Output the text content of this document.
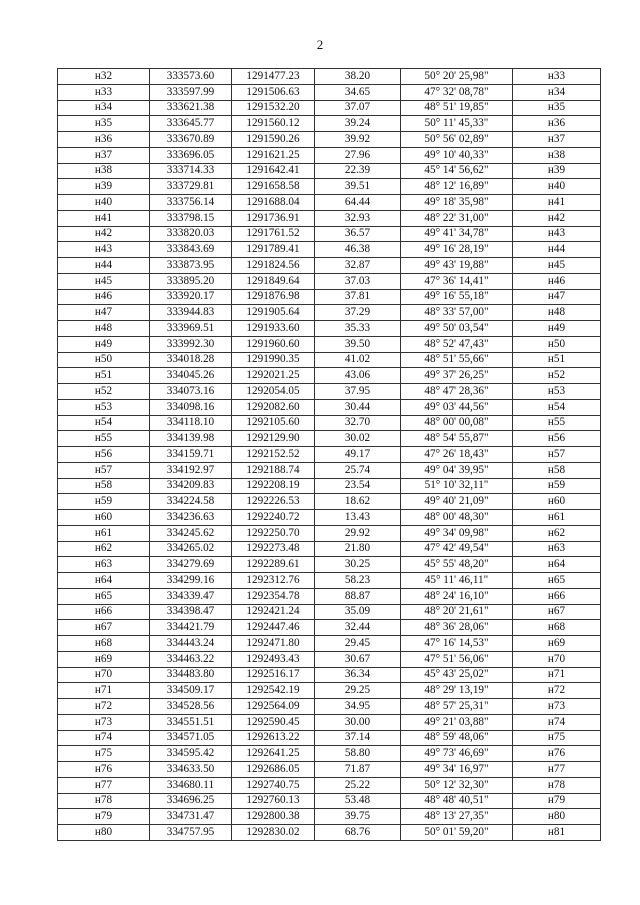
2
н32	333573.60	1291477.23	38.20	50° 20' 25,98"	н33
н33	333597.99	1291506.63	34.65	47° 32' 08,78"	н34
н34	333621.38	1291532.20	37.07	48° 51' 19,85"	н35
н35	333645.77	1291560.12	39.24	50° 11' 45,33"	н36
н36	333670.89	1291590.26	39.92	50° 56' 02,89"	н37
н37	333696.05	1291621.25	27.96	49° 10' 40,33"	н38
н38	333714.33	1291642.41	22.39	45° 14' 56,62"	н39
н39	333729.81	1291658.58	39.51	48° 12' 16,89"	н40
н40	333756.14	1291688.04	64.44	49° 18' 35,98"	н41
н41	333798.15	1291736.91	32.93	48° 22' 31,00"	н42
н42	333820.03	1291761.52	36.57	49° 41' 34,78"	н43
н43	333843.69	1291789.41	46.38	49° 16' 28,19"	н44
н44	333873.95	1291824.56	32.87	49° 43' 19,88"	н45
н45	333895.20	1291849.64	37.03	47° 36' 14,41"	н46
н46	333920.17	1291876.98	37.81	49° 16' 55,18"	н47
н47	333944.83	1291905.64	37.29	48° 33' 57,00"	н48
н48	333969.51	1291933.60	35.33	49° 50' 03,54"	н49
н49	333992.30	1291960.60	39.50	48° 52' 47,43"	н50
н50	334018.28	1291990.35	41.02	48° 51' 55,66"	н51
н51	334045.26	1292021.25	43.06	49° 37' 26,25"	н52
н52	334073.16	1292054.05	37.95	48° 47' 28,36"	н53
н53	334098.16	1292082.60	30.44	49° 03' 44,56"	н54
н54	334118.10	1292105.60	32.70	48° 00' 00,08"	н55
н55	334139.98	1292129.90	30.02	48° 54' 55,87"	н56
н56	334159.71	1292152.52	49.17	47° 26' 18,43"	н57
н57	334192.97	1292188.74	25.74	49° 04' 39,95"	н58
н58	334209.83	1292208.19	23.54	51° 10' 32,11"	н59
н59	334224.58	1292226.53	18.62	49° 40' 21,09"	н60
н60	334236.63	1292240.72	13.43	48° 00' 48,30"	н61
н61	334245.62	1292250.70	29.92	49° 34' 09,98"	н62
н62	334265.02	1292273.48	21.80	47° 42' 49,54"	н63
н63	334279.69	1292289.61	30.25	45° 55' 48,20"	н64
н64	334299.16	1292312.76	58.23	45° 11' 46,11"	н65
н65	334339.47	1292354.78	88.87	48° 24' 16,10"	н66
н66	334398.47	1292421.24	35.09	48° 20' 21,61"	н67
н67	334421.79	1292447.46	32.44	48° 36' 28,06"	н68
н68	334443.24	1292471.80	29.45	47° 16' 14,53"	н69
н69	334463.22	1292493.43	30.67	47° 51' 56,06"	н70
н70	334483.80	1292516.17	36.34	45° 43' 25,02"	н71
н71	334509.17	1292542.19	29.25	48° 29' 13,19"	н72
н72	334528.56	1292564.09	34.95	48° 57' 25,31"	н73
н73	334551.51	1292590.45	30.00	49° 21' 03,88"	н74
н74	334571.05	1292613.22	37.14	48° 59' 48,06"	н75
н75	334595.42	1292641.25	58.80	49° 73' 46,69"	н76
н76	334633.50	1292686.05	71.87	49° 34' 16,97"	н77
н77	334680.11	1292740.75	25.22	50° 12' 32,30"	н78
н78	334696.25	1292760.13	53.48	48° 48' 40,51"	н79
н79	334731.47	1292800.38	39.75	48° 13' 27,35"	н80
н80	334757.95	1292830.02	68.76	50° 01' 59,20"	н81
